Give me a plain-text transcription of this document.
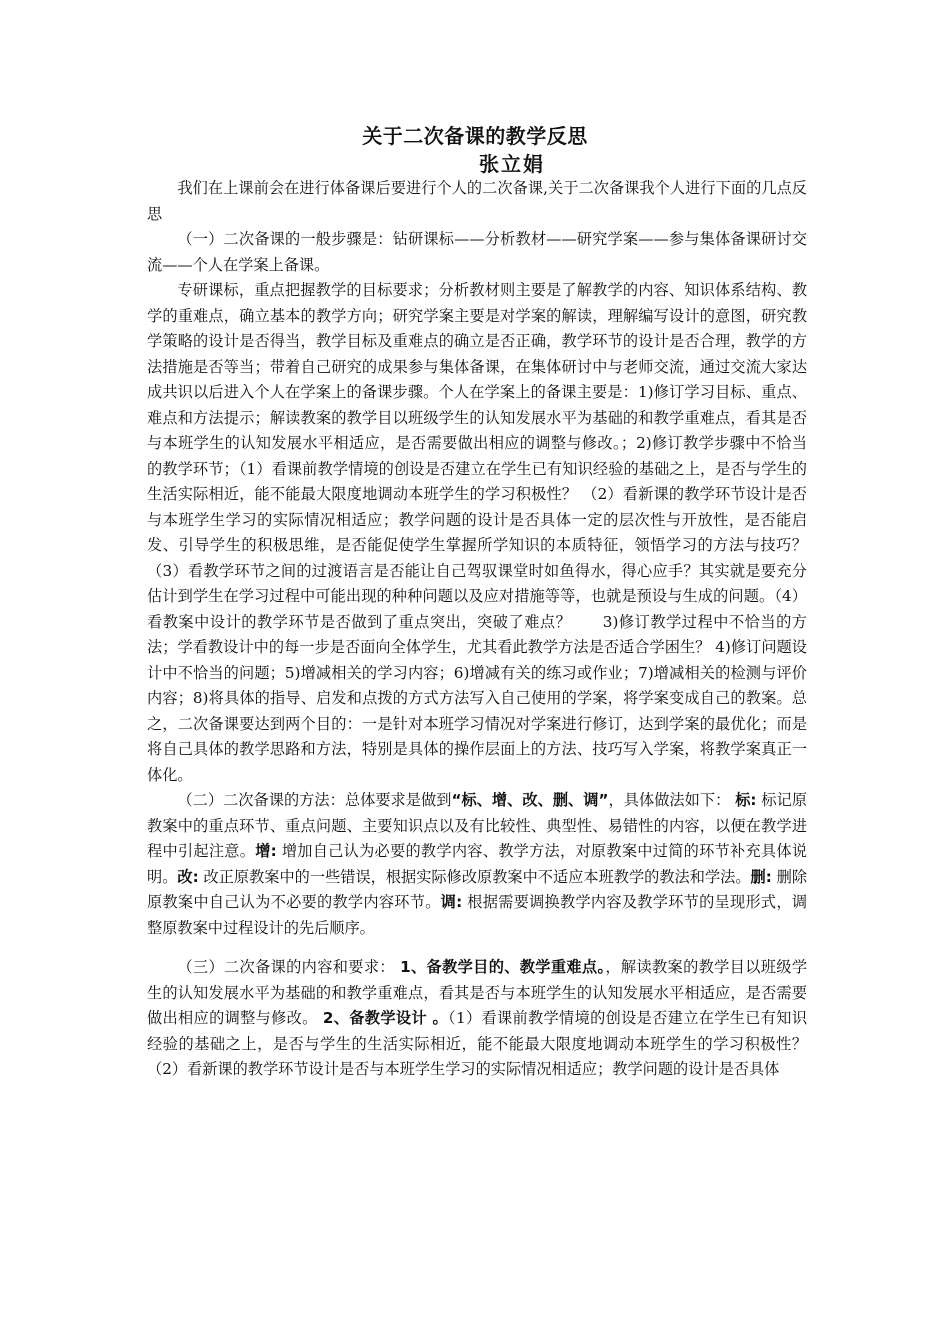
关于二次备课的教学反思
张立娟

我们在上课前会在进行体备课后要进行个人的二次备课,关于二次备课我个人进行下面的几点反思

（一）二次备课的一般步骤是：钻研课标——分析教材——研究学案——参与集体备课研讨交流——个人在学案上备课。

专研课标，重点把握教学的目标要求；分析教材则主要是了解教学的内容、知识体系结构、教学的重难点，确立基本的教学方向；研究学案主要是对学案的解读，理解编写设计的意图，研究教学策略的设计是否得当，教学目标及重难点的确立是否正确，教学环节的设计是否合理，教学的方法措施是否等当；带着自己研究的成果参与集体备课，在集体研讨中与老师交流，通过交流大家达成共识以后进入个人在学案上的备课步骤。个人在学案上的备课主要是：1)修订学习目标、重点、难点和方法提示；解读教案的教学目以班级学生的认知发展水平为基础的和教学重难点，看其是否与本班学生的认知发展水平相适应，是否需要做出相应的调整与修改。；2)修订教学步骤中不恰当的教学环节；（1）看课前教学情境的创设是否建立在学生已有知识经验的基础之上，是否与学生的生活实际相近，能不能最大限度地调动本班学生的学习积极性？ （2）看新课的教学环节设计是否与本班学生学习的实际情况相适应；教学问题的设计是否具体一定的层次性与开放性，是否能启发、引导学生的积极思维，是否能促使学生掌握所学知识的本质特征，领悟学习的方法与技巧？ （3）看教学环节之间的过渡语言是否能让自己驾驭课堂时如鱼得水，得心应手？其实就是要充分估计到学生在学习过程中可能出现的种种问题以及应对措施等等，也就是预设与生成的问题。（4）看教案中设计的教学环节是否做到了重点突出，突破了难点？　　3)修订教学过程中不恰当的方法；学看教设计中的每一步是否面向全体学生，尤其看此教学方法是否适合学困生？ 4)修订问题设计中不恰当的问题；5)增减相关的学习内容；6)增减有关的练习或作业；7)增减相关的检测与评价内容；8)将具体的指导、启发和点拨的方式方法写入自己使用的学案，将学案变成自己的教案。总之，二次备课要达到两个目的：一是针对本班学习情况对学案进行修订，达到学案的最优化；而是将自己具体的教学思路和方法，特别是具体的操作层面上的方法、技巧写入学案，将教学案真正一体化。

（二）二次备课的方法：总体要求是做到“标、增、改、删、调”，具体做法如下： 标: 标记原教案中的重点环节、重点问题、主要知识点以及有比较性、典型性、易错性的内容，以便在教学进程中引起注意。增: 增加自己认为必要的教学内容、教学方法，对原教案中过简的环节补充具体说明。改: 改正原教案中的一些错误，根据实际修改原教案中不适应本班教学的教法和学法。删: 删除原教案中自己认为不必要的教学内容环节。调: 根据需要调换教学内容及教学环节的呈现形式，调整原教案中过程设计的先后顺序。

（三）二次备课的内容和要求： 1、备教学目的、教学重难点。，解读教案的教学目以班级学生的认知发展水平为基础的和教学重难点，看其是否与本班学生的认知发展水平相适应，是否需要做出相应的调整与修改。 2、备教学设计 。（1）看课前教学情境的创设是否建立在学生已有知识经验的基础之上，是否与学生的生活实际相近，能不能最大限度地调动本班学生的学习积极性？ （2）看新课的教学环节设计是否与本班学生学习的实际情况相适应；教学问题的设计是否具体
